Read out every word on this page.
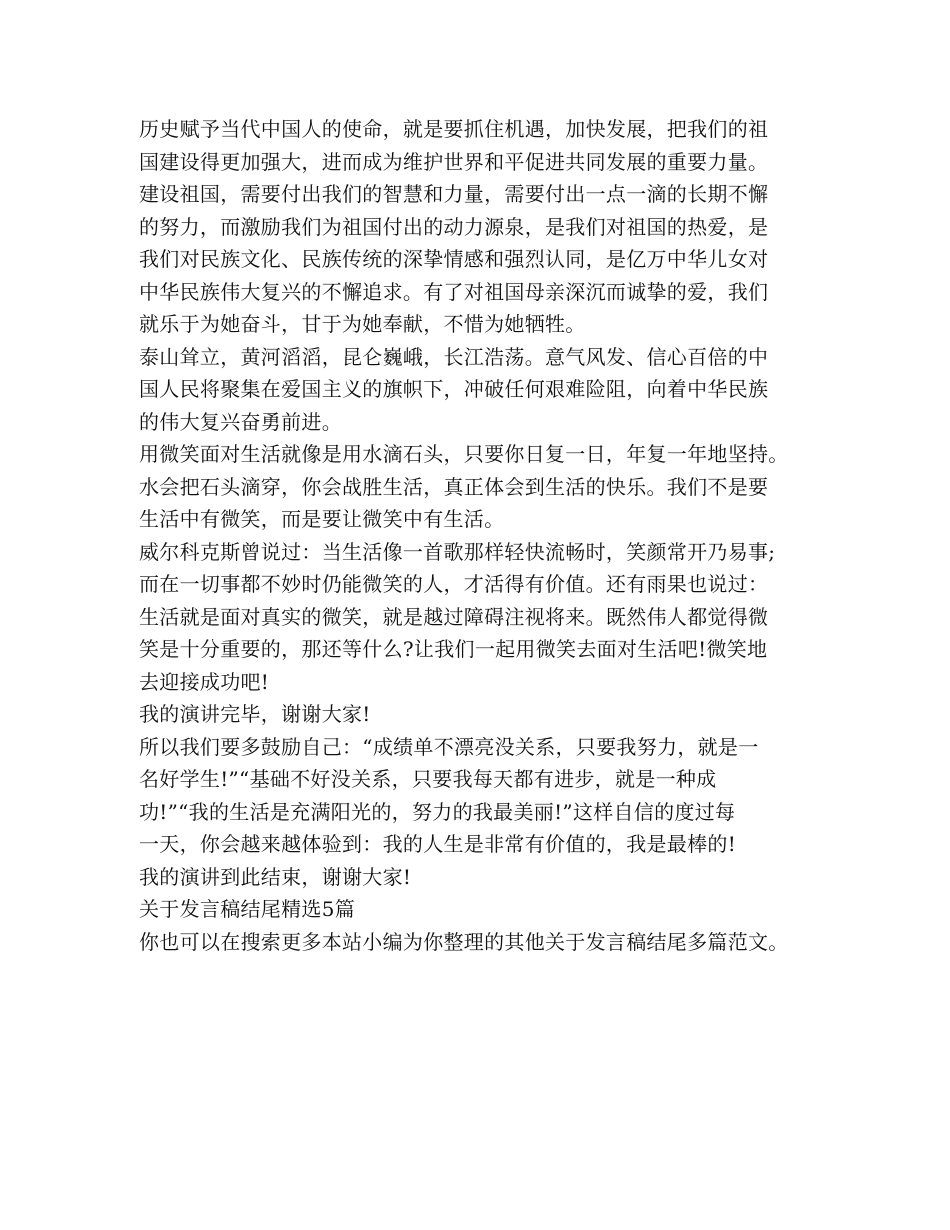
历史赋予当代中国人的使命，就是要抓住机遇，加快发展，把我们的祖
国建设得更加强大，进而成为维护世界和平促进共同发展的重要力量。

建设祖国，需要付出我们的智慧和力量，需要付出一点一滴的长期不懈
的努力，而激励我们为祖国付出的动力源泉，是我们对祖国的热爱，是
我们对民族文化、民族传统的深挚情感和强烈认同，是亿万中华儿女对
中华民族伟大复兴的不懈追求。有了对祖国母亲深沉而诚挚的爱，我们
就乐于为她奋斗，甘于为她奉献，不惜为她牺牲。

泰山耸立，黄河滔滔，昆仑巍峨，长江浩荡。意气风发、信心百倍的中
国人民将聚集在爱国主义的旗帜下，冲破任何艰难险阻，向着中华民族
的伟大复兴奋勇前进。

用微笑面对生活就像是用水滴石头，只要你日复一日，年复一年地坚持。
水会把石头滴穿，你会战胜生活，真正体会到生活的快乐。我们不是要
生活中有微笑，而是要让微笑中有生活。

威尔科克斯曾说过：当生活像一首歌那样轻快流畅时，笑颜常开乃易事;
而在一切事都不妙时仍能微笑的人，才活得有价值。还有雨果也说过：
生活就是面对真实的微笑，就是越过障碍注视将来。既然伟人都觉得微
笑是十分重要的，那还等什么?让我们一起用微笑去面对生活吧!微笑地
去迎接成功吧!

我的演讲完毕，谢谢大家!

所以我们要多鼓励自己：“成绩单不漂亮没关系，只要我努力，就是一
名好学生!”“基础不好没关系，只要我每天都有进步，就是一种成
功!”“我的生活是充满阳光的，努力的我最美丽!”这样自信的度过每
一天，你会越来越体验到：我的人生是非常有价值的，我是最棒的!

我的演讲到此结束，谢谢大家!

关于发言稿结尾精选5篇

你也可以在搜索更多本站小编为你整理的其他关于发言稿结尾多篇范文。
